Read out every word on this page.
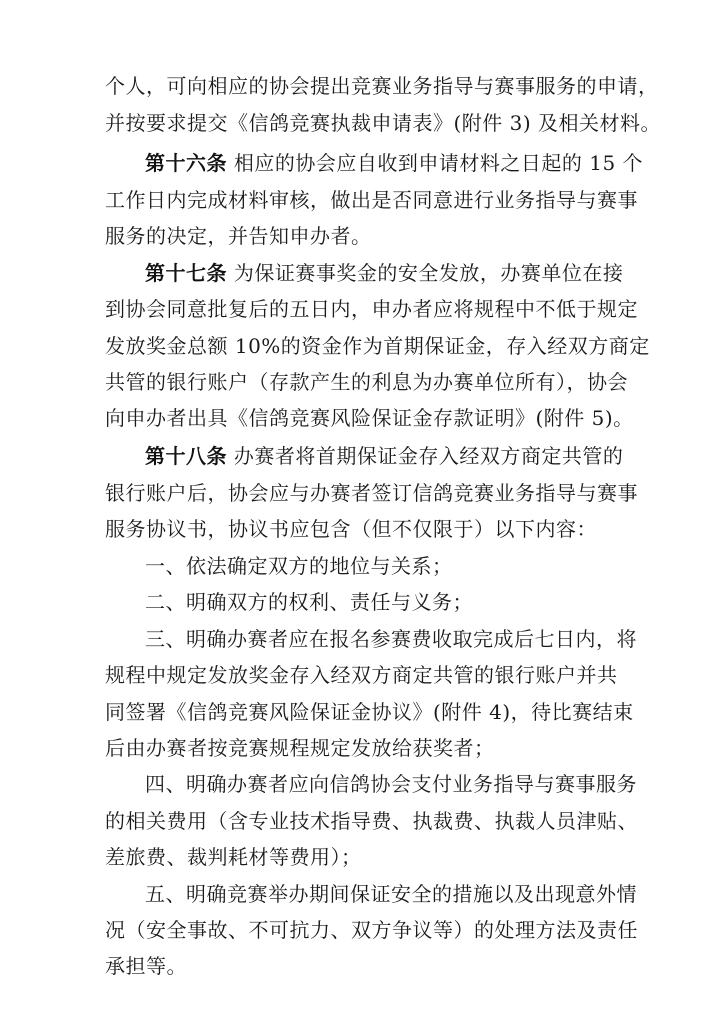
个人，可向相应的协会提出竞赛业务指导与赛事服务的申请，
并按要求提交《信鸽竞赛执裁申请表》(附件 3) 及相关材料。
第十六条 相应的协会应自收到申请材料之日起的 15 个
工作日内完成材料审核，做出是否同意进行业务指导与赛事
服务的决定，并告知申办者。
第十七条 为保证赛事奖金的安全发放，办赛单位在接
到协会同意批复后的五日内，申办者应将规程中不低于规定
发放奖金总额 10%的资金作为首期保证金，存入经双方商定
共管的银行账户（存款产生的利息为办赛单位所有），协会
向申办者出具《信鸽竞赛风险保证金存款证明》(附件 5)。
第十八条 办赛者将首期保证金存入经双方商定共管的
银行账户后，协会应与办赛者签订信鸽竞赛业务指导与赛事
服务协议书，协议书应包含（但不仅限于）以下内容：
一、依法确定双方的地位与关系；
二、明确双方的权利、责任与义务；
三、明确办赛者应在报名参赛费收取完成后七日内，将
规程中规定发放奖金存入经双方商定共管的银行账户并共
同签署《信鸽竞赛风险保证金协议》(附件 4)，待比赛结束
后由办赛者按竞赛规程规定发放给获奖者；
四、明确办赛者应向信鸽协会支付业务指导与赛事服务
的相关费用（含专业技术指导费、执裁费、执裁人员津贴、
差旅费、裁判耗材等费用）；
五、明确竞赛举办期间保证安全的措施以及出现意外情
况（安全事故、不可抗力、双方争议等）的处理方法及责任
承担等。
